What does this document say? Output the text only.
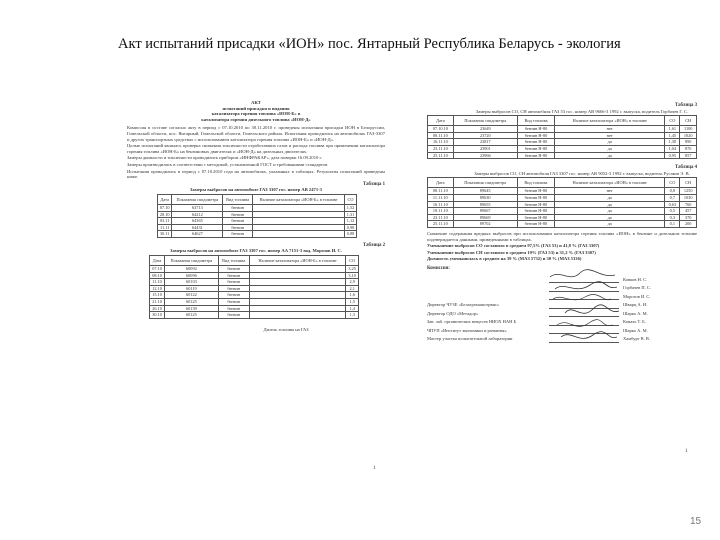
Акт испытаний присадки «ИОН» пос. Янтарный Республика Беларусь - экология
АКТ
испытаний присадки и видания
катализатора горения топлива «ИОН-Б» в
катализатора горения дизельного топлива «ИОН-Д»

Комиссия в составе согласно акту в период с 07.10.2010 по 30.11.2010 г. проведены испытания присадки ИОН в Белоруссии, Гомельской области, пос. Янтарный, Гомельской области, Гомельского района. Испытания проводились на автомобилях ГАЗ-3307 и других транспортных средствах с использованием катализатора горения топлива «ИОН-Б» и «ИОН-Д».

Целью испытаний являлась проверка снижения токсичности отработавших газов и расхода топлива при применении катализатора горения топлива «ИОН-Б» на бензиновых двигателях и «ИОН-Д» на дизельных двигателях.

Замеры дымности и токсичности проводились прибором «ИНФРАКАР», дата поверки 16.09.2010 г.

Замеры производились в соответствии с методикой, установленной ГОСТ и требованиями стандартов.

Испытания проводились в период с 07.10.2010 года на автомобилях, указанных в таблицах. Результаты испытаний приведены ниже.

Таблица 1
Замеры выбросов на автомобиле ГАЗ 3307 гос. номер АВ 2471-3
Дата	Показания спидометра	Вид топлива	Наличие катализатора «ИОН-Б» в топливе	СО
07.10	63713	бензин		1,52
28.10	64212	бензин		1,31
03.11	64365	бензин		1,12
11.11	64431	бензин		0,98
30.11	64627	бензин		0,88
Таблица 2
Замеры выбросов на автомобиле ГАЗ 3307 гос. номер АА 7151-3 вод. Морозов И. С.
Дата	Показания спидометра	Вид топлива	Наличие катализатора «ИОН-Б» в топливе	СО
07.10	60092	бензин		3,25
08.10	60096	бензин		3,10
11.10	60103	бензин		2,9
12.10	60119	бензин		2,1
15.10	60122	бензин		1,6
21.10	60125	бензин		1,5
26.10	60139	бензин		1,4
30.10	60125	бензин		1,3
Дизель топлива на ГАЗ
1
Таблица 3
Замеры выбросов СО, СН автомобиля ГАЗ 53 гос. номер АВ 9666-3 1992 г. выпуска, водитель Горбачев Г. С.
Дата	Показания спидометра	Вид топлива	Наличие катализатора «ИОН» в топливе	СО	СН
07.10.10	23649	бензин Н-80	нет	1,61	1100
08.11.10	23720	бензин Н-80	нет	1,45	1020
16.11.10	23817	бензин Н-80	да	1,30	890
23.11.10	23901	бензин Н-80	да	1,04	870
25.11.10	23966	бензин Н-80	да	0,95	857
Таблица 4
Замеры выбросов СО, СН автомобиля ГАЗ 3307 гос. номер АВ 9052-3 1992 г. выпуска, водитель Русаков Э. В.
Дата	Показания спидометра	Вид топлива	Наличие катализатора «ИОН» в топливе	СО	СН
08.11.10	89645	бензин Н-80	нет	0,8	1250
11.11.10	89630	бензин Н-80	да	0,7	1030
16.11.10	89655	бензин Н-80	да	0,63	760
19.11.10	89667	бензин Н-80	да	0,5	457
23.11.10	89669	бензин Н-80	да	0,3	370
25.11.10	89702	бензин Н-80	да	0,1	200

Снижение содержания вредных выбросов при использовании катализатора горения топлива «ИОН» в бензине и дизельном топливе подтверждается данными, приведенными в таблицах.

Уменьшение выбросов СО составило в среднем 97,5% (ГАЗ 53) и 41,8 % (ГАЗ 3307)

Уменьшение выбросов СН составило в среднем 19% (ГАЗ 53) и 31,2 % (ГАЗ 3307)

Дымность уменьшилась в среднем на 39 % (МАЗ 5732) и 30 % (МАЗ 5336)

Комиссия:
Ковков Н. С.
Горбачев П. С.
Морозов И. С.
Директор ЧУЗЕ «Белагромашсервис»	Шварц А. И.
Директор ОДО «Метадор»	Шарко А. М.
Зав. лаб. органических веществ НИОХ НАН Б	Коваль Т. Б.
ЧПУП «Институт экономики и развития»	Шарко А. М.
Мастер участка испытательной лаборатории	Хамбург В. В.
1
15
